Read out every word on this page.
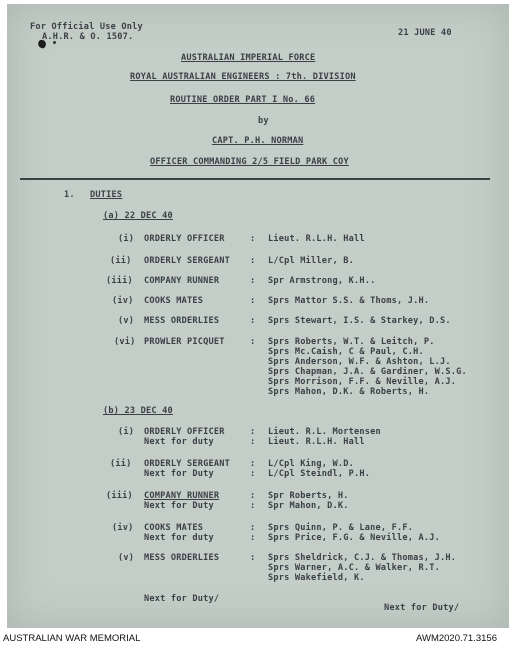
For Official Use Only
A.H.R. & O. 1507.	21 JUNE 40
AUSTRALIAN IMPERIAL FORCE
ROYAL AUSTRALIAN ENGINEERS : 7th. DIVISION
ROUTINE ORDER PART I No. 66
by
CAPT. P.H. NORMAN
OFFICER COMMANDING 2/5 FIELD PARK COY
1. DUTIES
(a) 22 DEC 40
(i) ORDERLY OFFICER	: Lieut. R.L.H. Hall
(ii) ORDERLY SERGEANT : L/Cpl Miller, B.
(iii) COMPANY RUNNER	: Spr Armstrong, K.H..
(iv) COOKS MATES	: Sprs Mattor S.S. & Thoms, J.H.
(v) MESS ORDERLIES	: Sprs Stewart, I.S. & Starkey, D.S.
(vi) PROWLER PICQUET	: Sprs Roberts, W.T. & Leitch, P.
Sprs Mc.Caish, C & Paul, C.H.
Sprs Anderson, W.F. & Ashton, L.J.
Sprs Chapman, J.A. & Gardiner, W.S.G.
Sprs Morrison, F.F. & Neville, A.J.
Sprs Mahon, D.K. & Roberts, H.
(b) 23 DEC 40
(i) ORDERLY OFFICER	: Lieut. R.L. Mortensen
Next for duty	: Lieut. R.L.H. Hall
(ii) ORDERLY SERGEANT : L/Cpl King, W.D.
Next for Duty	: L/Cpl Steindl, P.H.
(iii) COMPANY RUNNER	: Spr Roberts, H.
Next for Duty	: Spr Mahon, D.K.
(iv) COOKS MATES	: Sprs Quinn, P. & Lane, F.F.
Next for duty	: Sprs Price, F.G. & Neville, A.J.
(v) MESS ORDERLIES	: Sprs Sheldrick, C.J. & Thomas, J.H.
Sprs Warner, A.C. & Walker, R.T.
Sprs Wakefield, K.
Next for Duty/
Next for Duty/
AUSTRALIAN WAR MEMORIAL	AWM2020.71.3156
